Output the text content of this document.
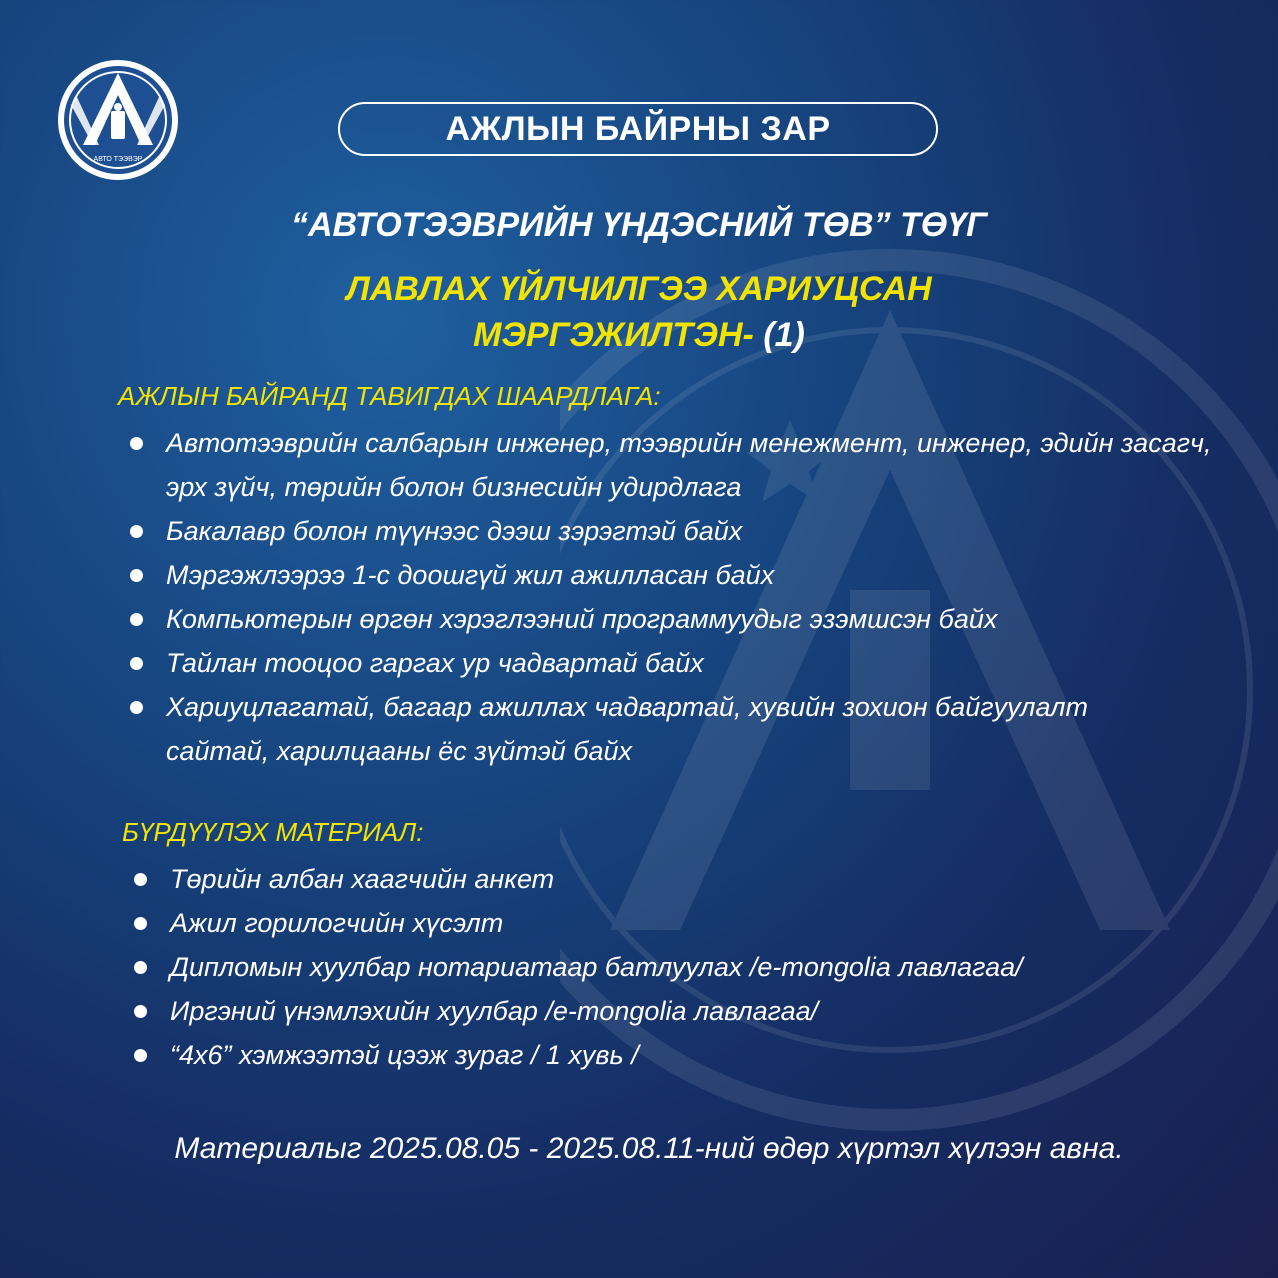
АВТО ТЭЭВЭР
АЖЛЫН БАЙРНЫ ЗАР
“АВТОТЭЭВРИЙН ҮНДЭСНИЙ ТӨВ” ТӨҮГ
ЛАВЛАХ ҮЙЛЧИЛГЭЭ ХАРИУЦСАН
МЭРГЭЖИЛТЭН- (1)
АЖЛЫН БАЙРАНД ТАВИГДАХ ШААРДЛАГА:
Автотээврийн салбарын инженер, тээврийн менежмент, инженер, эдийн засагч, эрх зүйч, төрийн болон бизнесийн удирдлага
Бакалавр болон түүнээс дээш зэрэгтэй байх
Мэргэжлээрээ 1-с доошгүй жил ажилласан байх
Компьютерын өргөн хэрэглээний программуудыг эзэмшсэн байх
Тайлан тооцоо гаргах ур чадвартай байх
Хариуцлагатай, багаар ажиллах чадвартай, хувийн зохион байгуулалт сайтай, харилцааны ёс зүйтэй байх
БҮРДҮҮЛЭХ МАТЕРИАЛ:
Төрийн албан хаагчийн анкет
Ажил горилогчийн хүсэлт
Дипломын хуулбар нотариатаар батлуулах /e-mongolia лавлагаа/
Иргэний үнэмлэхийн хуулбар /e-mongolia лавлагаа/
“4x6” хэмжээтэй цээж зураг / 1 хувь /
Материалыг 2025.08.05 - 2025.08.11-ний өдөр хүртэл хүлээн авна.
